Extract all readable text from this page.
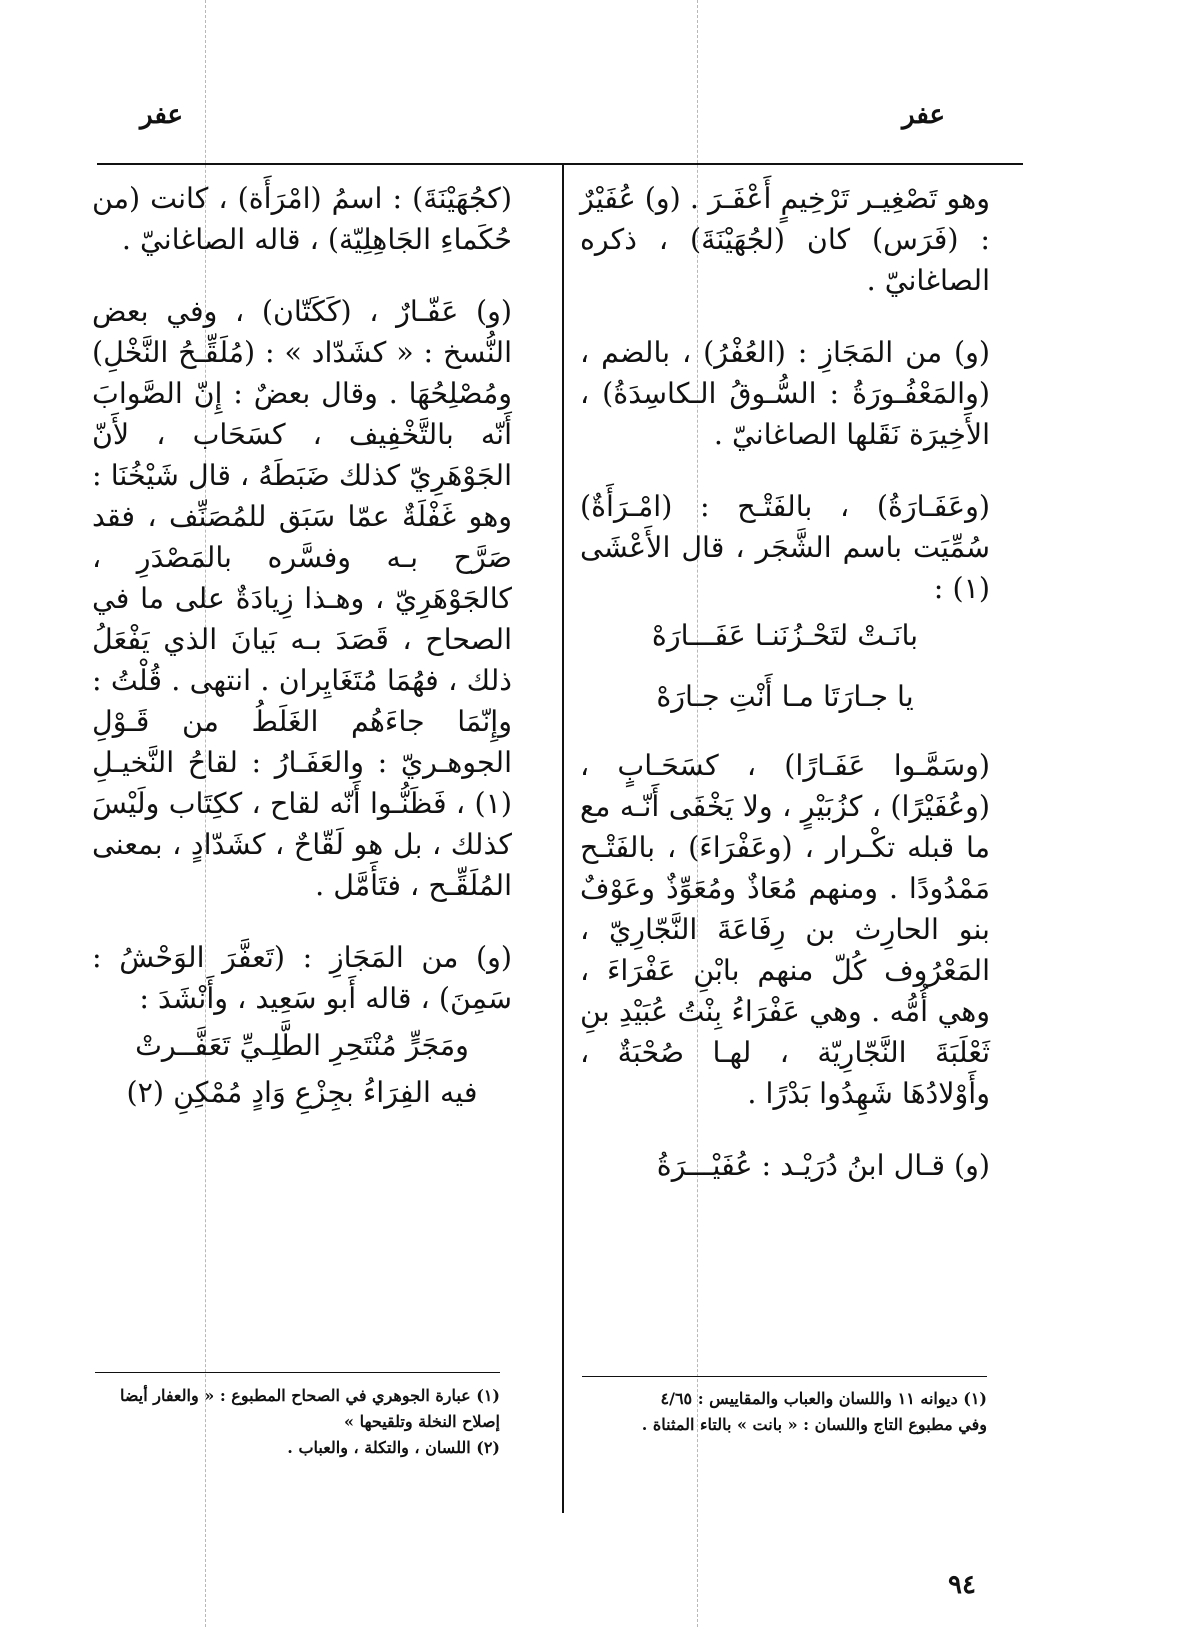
عفر
عفر

وهو تَصْغِيـر تَرْخِيمٍ أَعْفَـرَ . (و) عُفَيْرٌ : (فَرَس) كان (لجُهَيْنَةَ) ، ذكره الصاغانيّ .

(و) من المَجَازِ : (العُفْرُ) ، بالضم ، (والمَعْفُـورَةُ : السُّـوقُ الـكاسِدَةُ) ، الأَخِيرَة نَقَلها الصاغانيّ .

(وعَفَـارَةُ) ، بالفَتْـح : (امْـرَأَةٌ) سُمِّيَت باسم الشَّجَر ، قال الأَعْشَى (١) :

بانَـتْ لتَحْـزُنَنـا عَفَـــارَهْ
يا جـارَتَا مـا أَنْتِ جـارَهْ

(وسَمَّـوا عَفَـارًا) ، كسَحَـابٍ ، (وعُفَيْرًا) ، كزُبَيْرٍ ، ولا يَخْفَى أَنّـه مع ما قبله تكْـرار ، (وعَفْرَاءَ) ، بالفَتْـح مَمْدُودًا . ومنهم مُعَاذٌ ومُعَوِّذٌ وعَوْفٌ بنو الحارِث بن رِفَاعَةَ النَّجّارِيّ ، المَعْرُوف كُلّ منهم بابْنِ عَفْرَاءَ ، وهي أُمُّه . وهي عَفْرَاءُ بِنْتُ عُبَيْدِ بنِ ثَعْلَبَةَ النَّجّارِيّة ، لهـا صُحْبَةٌ ، وأَوْلادُهَا شَهِدُوا بَدْرًا .

(و) قـال ابنُ دُرَيْـد : عُفَيْـــرَةُ

(١) ديوانه ١١ واللسان والعباب والمقاييس : ٤/٦٥
وفي مطبوع التاج واللسان : « بانت » بالتاء المثناة .

(كجُهَيْنَةَ) : اسمُ (امْرَأَة) ، كانت (من حُكَماءِ الجَاهِلِيّة) ، قاله الصاغانيّ .

(و) عَفّـارٌ ، (كَكَتّان) ، وفي بعض النُّسخ : « كشَدّاد » : (مُلَقِّـحُ النَّخْلِ) ومُصْلِحُهَا . وقال بعضٌ : إِنّ الصَّوابَ أَنّه بالتَّخْفِيف ، كسَحَاب ، لأَنّ الجَوْهَرِيّ كذلك ضَبَطَهُ ، قال شَيْخُنَا : وهو غَفْلَةٌ عمّا سَبَق للمُصَنِّف ، فقد صَرَّح بـه وفسَّره بالمَصْدَرِ ، كالجَوْهَرِيّ ، وهـذا زِيادَةٌ على ما في الصحاح ، قَصَدَ بـه بَيانَ الذي يَفْعَلُ ذلك ، فهُمَا مُتَغَايِران . انتهى . قُلْتُ : وإِنّمَا جاءَهُم الغَلَطُ من قَـوْلِ الجوهـريّ : والعَفَـارُ : لقاحُ النَّخيـلِ (١) ، فَظَنُّـوا أَنّه لقاح ، ككِتَاب ولَيْسَ كذلك ، بل هو لَقّاحٌ ، كشَدّادٍ ، بمعنى المُلَقِّـح ، فتَأَمَّل .

(و) من المَجَازِ : (تَعفَّرَ الوَحْشُ : سَمِنَ) ، قاله أَبو سَعِيد ، وأَنْشَدَ :

ومَجَرٍّ مُنْتَحِرِ الطَّلِـيِّ تَعَفَّــرتْ
فيه الفِرَاءُ بجِزْعِ وَادٍ مُمْكِنِ (٢)
(١) عبارة الجوهري في الصحاح المطبوع : « والعفار أيضا إصلاح النخلة وتلقيحها »
(٢) اللسان ، والتكلة ، والعباب .
٩٤
